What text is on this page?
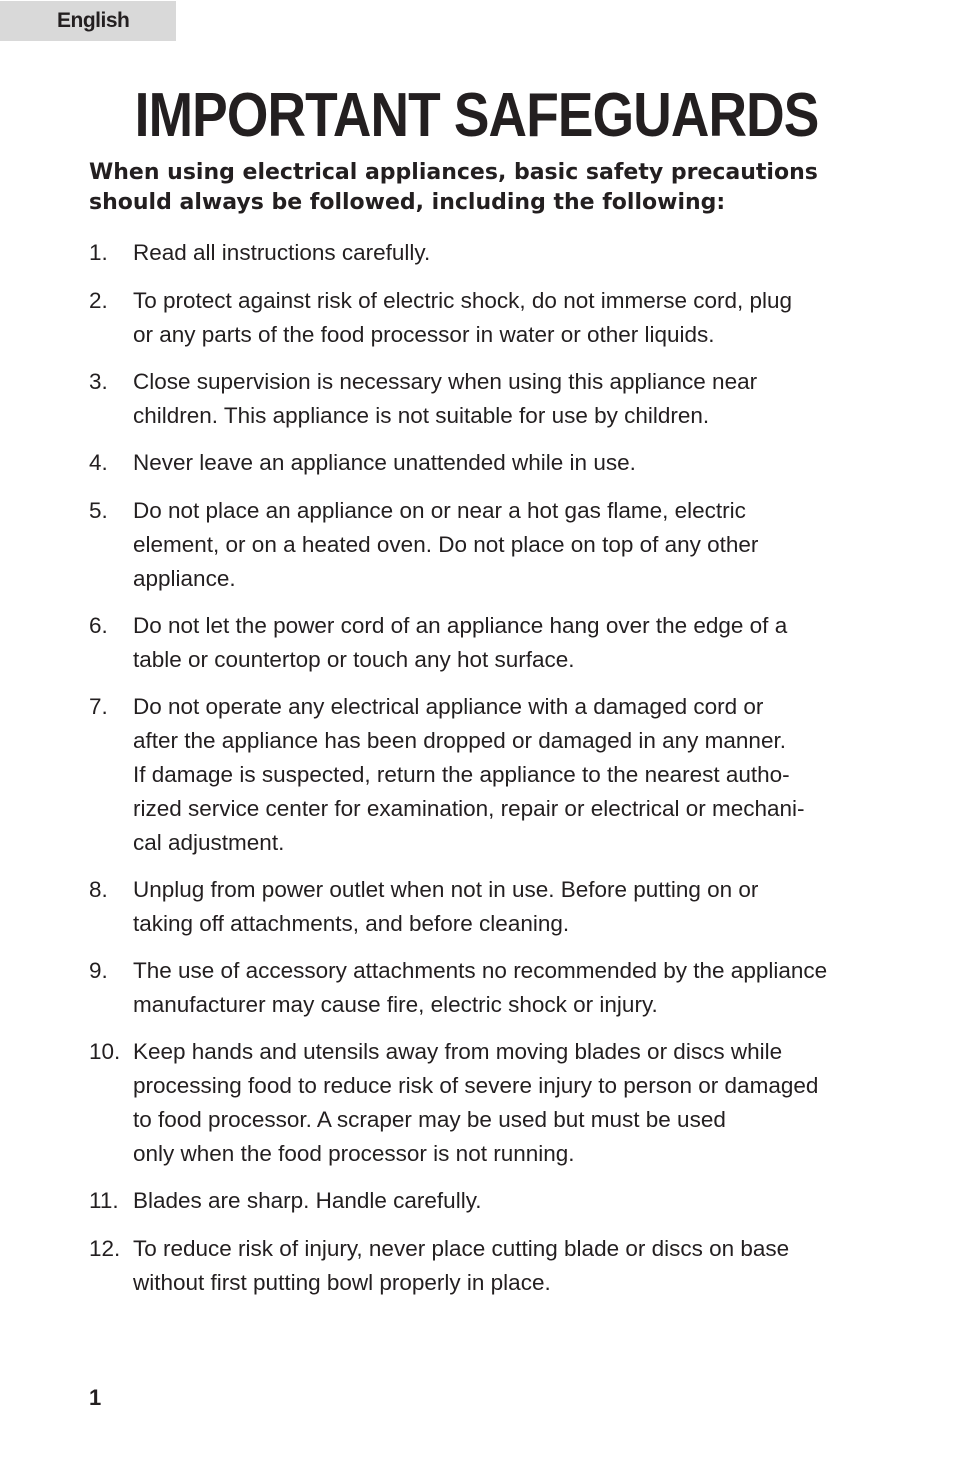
English
IMPORTANT SAFEGUARDS

When using electrical appliances, basic safety precautions should always be followed, including the following:

1. Read all instructions carefully.
2. To protect against risk of electric shock, do not immerse cord, plug
or any parts of the food processor in water or other liquids.
3. Close supervision is necessary when using this appliance near
children. This appliance is not suitable for use by children.
4. Never leave an appliance unattended while in use.
5. Do not place an appliance on or near a hot gas flame, electric
element, or on a heated oven. Do not place on top of any other
appliance.
6. Do not let the power cord of an appliance hang over the edge of a
table or countertop or touch any hot surface.
7. Do not operate any electrical appliance with a damaged cord or
after the appliance has been dropped or damaged in any manner.
If damage is suspected, return the appliance to the nearest autho-
rized service center for examination, repair or electrical or mechani-
cal adjustment.
8. Unplug from power outlet when not in use. Before putting on or
taking off attachments, and before cleaning.
9. The use of accessory attachments no recommended by the appliance
manufacturer may cause fire, electric shock or injury.
10. Keep hands and utensils away from moving blades or discs while
processing food to reduce risk of severe injury to person or damaged
to food processor. A scraper may be used but must be used
only when the food processor is not running.
11. Blades are sharp. Handle carefully.
12. To reduce risk of injury, never place cutting blade or discs on base
without first putting bowl properly in place.
1
